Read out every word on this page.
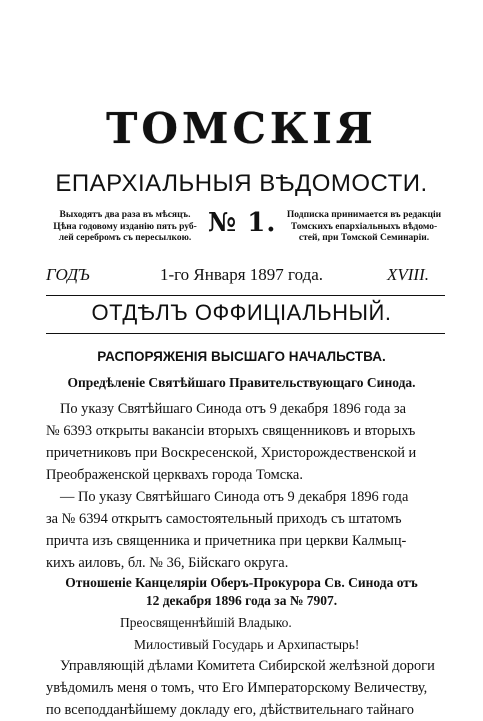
ТОМСКІЯ
ЕПАРХІАЛЬНЫЯ ВѢДОМОСТИ.
Выходятъ два раза въ мѣсяцъ.
Цѣна годовому изданію пять руб-
лей серебромъ съ пересылкою. № 1.	Подписка принимается въ редакціи
Томскихъ епархіальныхъ вѣдомо-
стей, при Томской Семинаріи.
ГОДЪ	1-го Января 1897 года.	XVIII.
ОТДѢЛЪ ОФФИЦІАЛЬНЫЙ.
РАСПОРЯЖЕНІЯ ВЫСШАГО НАЧАЛЬСТВА.
Опредѣленіе Святѣйшаго Правительствующаго Синода.
По указу Святѣйшаго Синода отъ 9 декабря 1896 года за
№ 6393 открыты вакансіи вторыхъ священниковъ и вторыхъ
причетниковъ при Воскресенской, Христорождественской и
Преображенской церквахъ города Томска.
— По указу Святѣйшаго Синода отъ 9 декабря 1896 года
за № 6394 открытъ самостоятельный приходъ съ штатомъ
причта изъ священника и причетника при церкви Калмыц-
кихъ аиловъ, бл. № 36, Бійскаго округа.
Отношеніе Канцеляріи Оберъ-Прокурора Св. Синода отъ
12 декабря 1896 года за № 7907.
Преосвященнѣйшій Владыко.
Милостивый Государь и Архипастырь!
Управляющій дѣлами Комитета Сибирской желѣзной дороги
увѣдомилъ меня о томъ, что Его Императорскому Величеству,
по всеподданѣйшему докладу его, дѣйствительнаго тайнаго
